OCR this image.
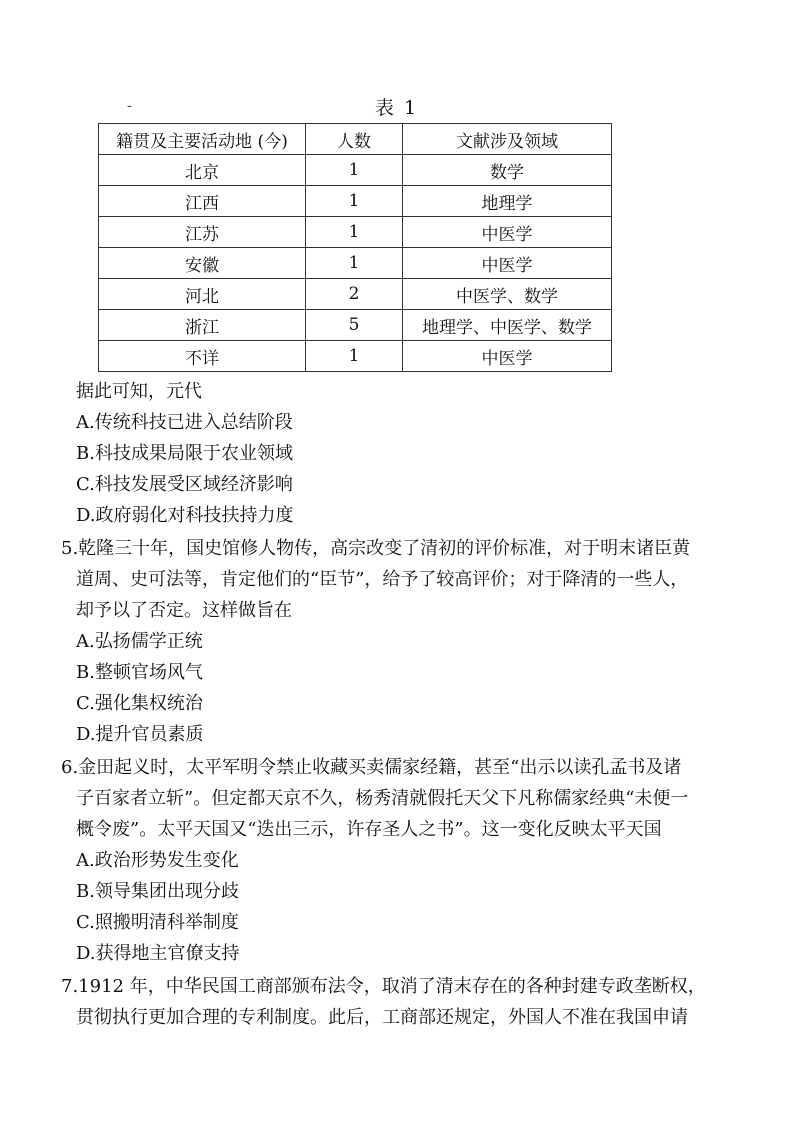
-	表 1
籍贯及主要活动地 (今)	人数	文献涉及领域
北京	1	数学
江西	1	地理学
江苏	1	中医学
安徽	1	中医学
河北	2	中医学、数学
浙江	5	地理学、中医学、数学
不详	1	中医学
据此可知，元代
A.传统科技已进入总结阶段
B.科技成果局限于农业领域
C.科技发展受区域经济影响
D.政府弱化对科技扶持力度
5.乾隆三十年，国史馆修人物传，高宗改变了清初的评价标准，对于明末诸臣黄
道周、史可法等，肯定他们的“臣节”，给予了较高评价；对于降清的一些人，
却予以了否定。这样做旨在
A.弘扬儒学正统
B.整顿官场风气
C.强化集权统治
D.提升官员素质
6.金田起义时，太平军明令禁止收藏买卖儒家经籍，甚至“出示以读孔孟书及诸
子百家者立斩”。但定都天京不久，杨秀清就假托天父下凡称儒家经典“未便一
概令废”。太平天国又“迭出三示，许存圣人之书”。这一变化反映太平天国
A.政治形势发生变化
B.领导集团出现分歧
C.照搬明清科举制度
D.获得地主官僚支持
7.1912 年，中华民国工商部颁布法令，取消了清末存在的各种封建专政垄断权，
贯彻执行更加合理的专利制度。此后，工商部还规定，外国人不准在我国申请
